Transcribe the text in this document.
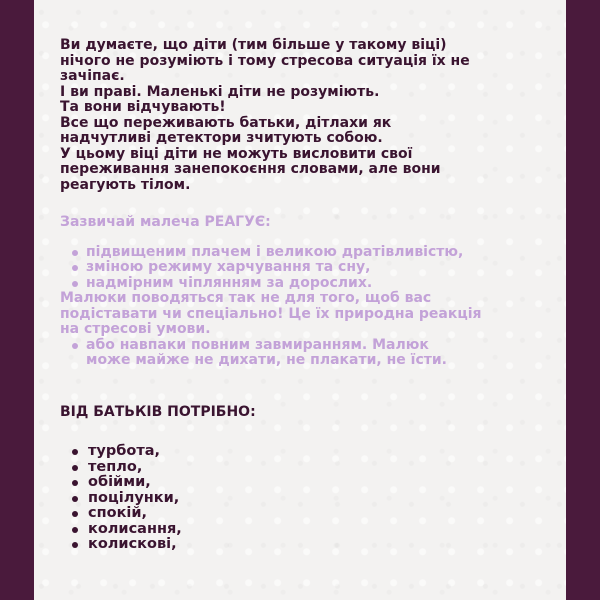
Ви думаєте, що діти (тим більше у такому віці)

нічого не розуміють і тому стресова ситуація їх не

зачіпає.

І ви праві. Маленькі діти не розуміють.

Та вони відчувають!

Все що переживають батьки, дітлахи як

надчутливі детектори зчитують собою.

У цьому віці діти не можуть висловити свої

переживання занепокоєння словами, але вони

реагують тілом.

Зазвичай малеча РЕАГУЄ:

підвищеним плачем і великою дратівливістю,
зміною режиму харчування та сну,
надмірним чіплянням за дорослих.

Малюки поводяться так не для того, щоб вас

подіставати чи спеціально! Це їх природна реакція

на стресові умови.

або навпаки повним завмиранням. Малюк
може майже не дихати, не плакати, не їсти.

ВІД БАТЬКІВ ПОТРІБНО:

турбота,
тепло,
обійми,
поцілунки,
спокій,
колисання,
колискові,
